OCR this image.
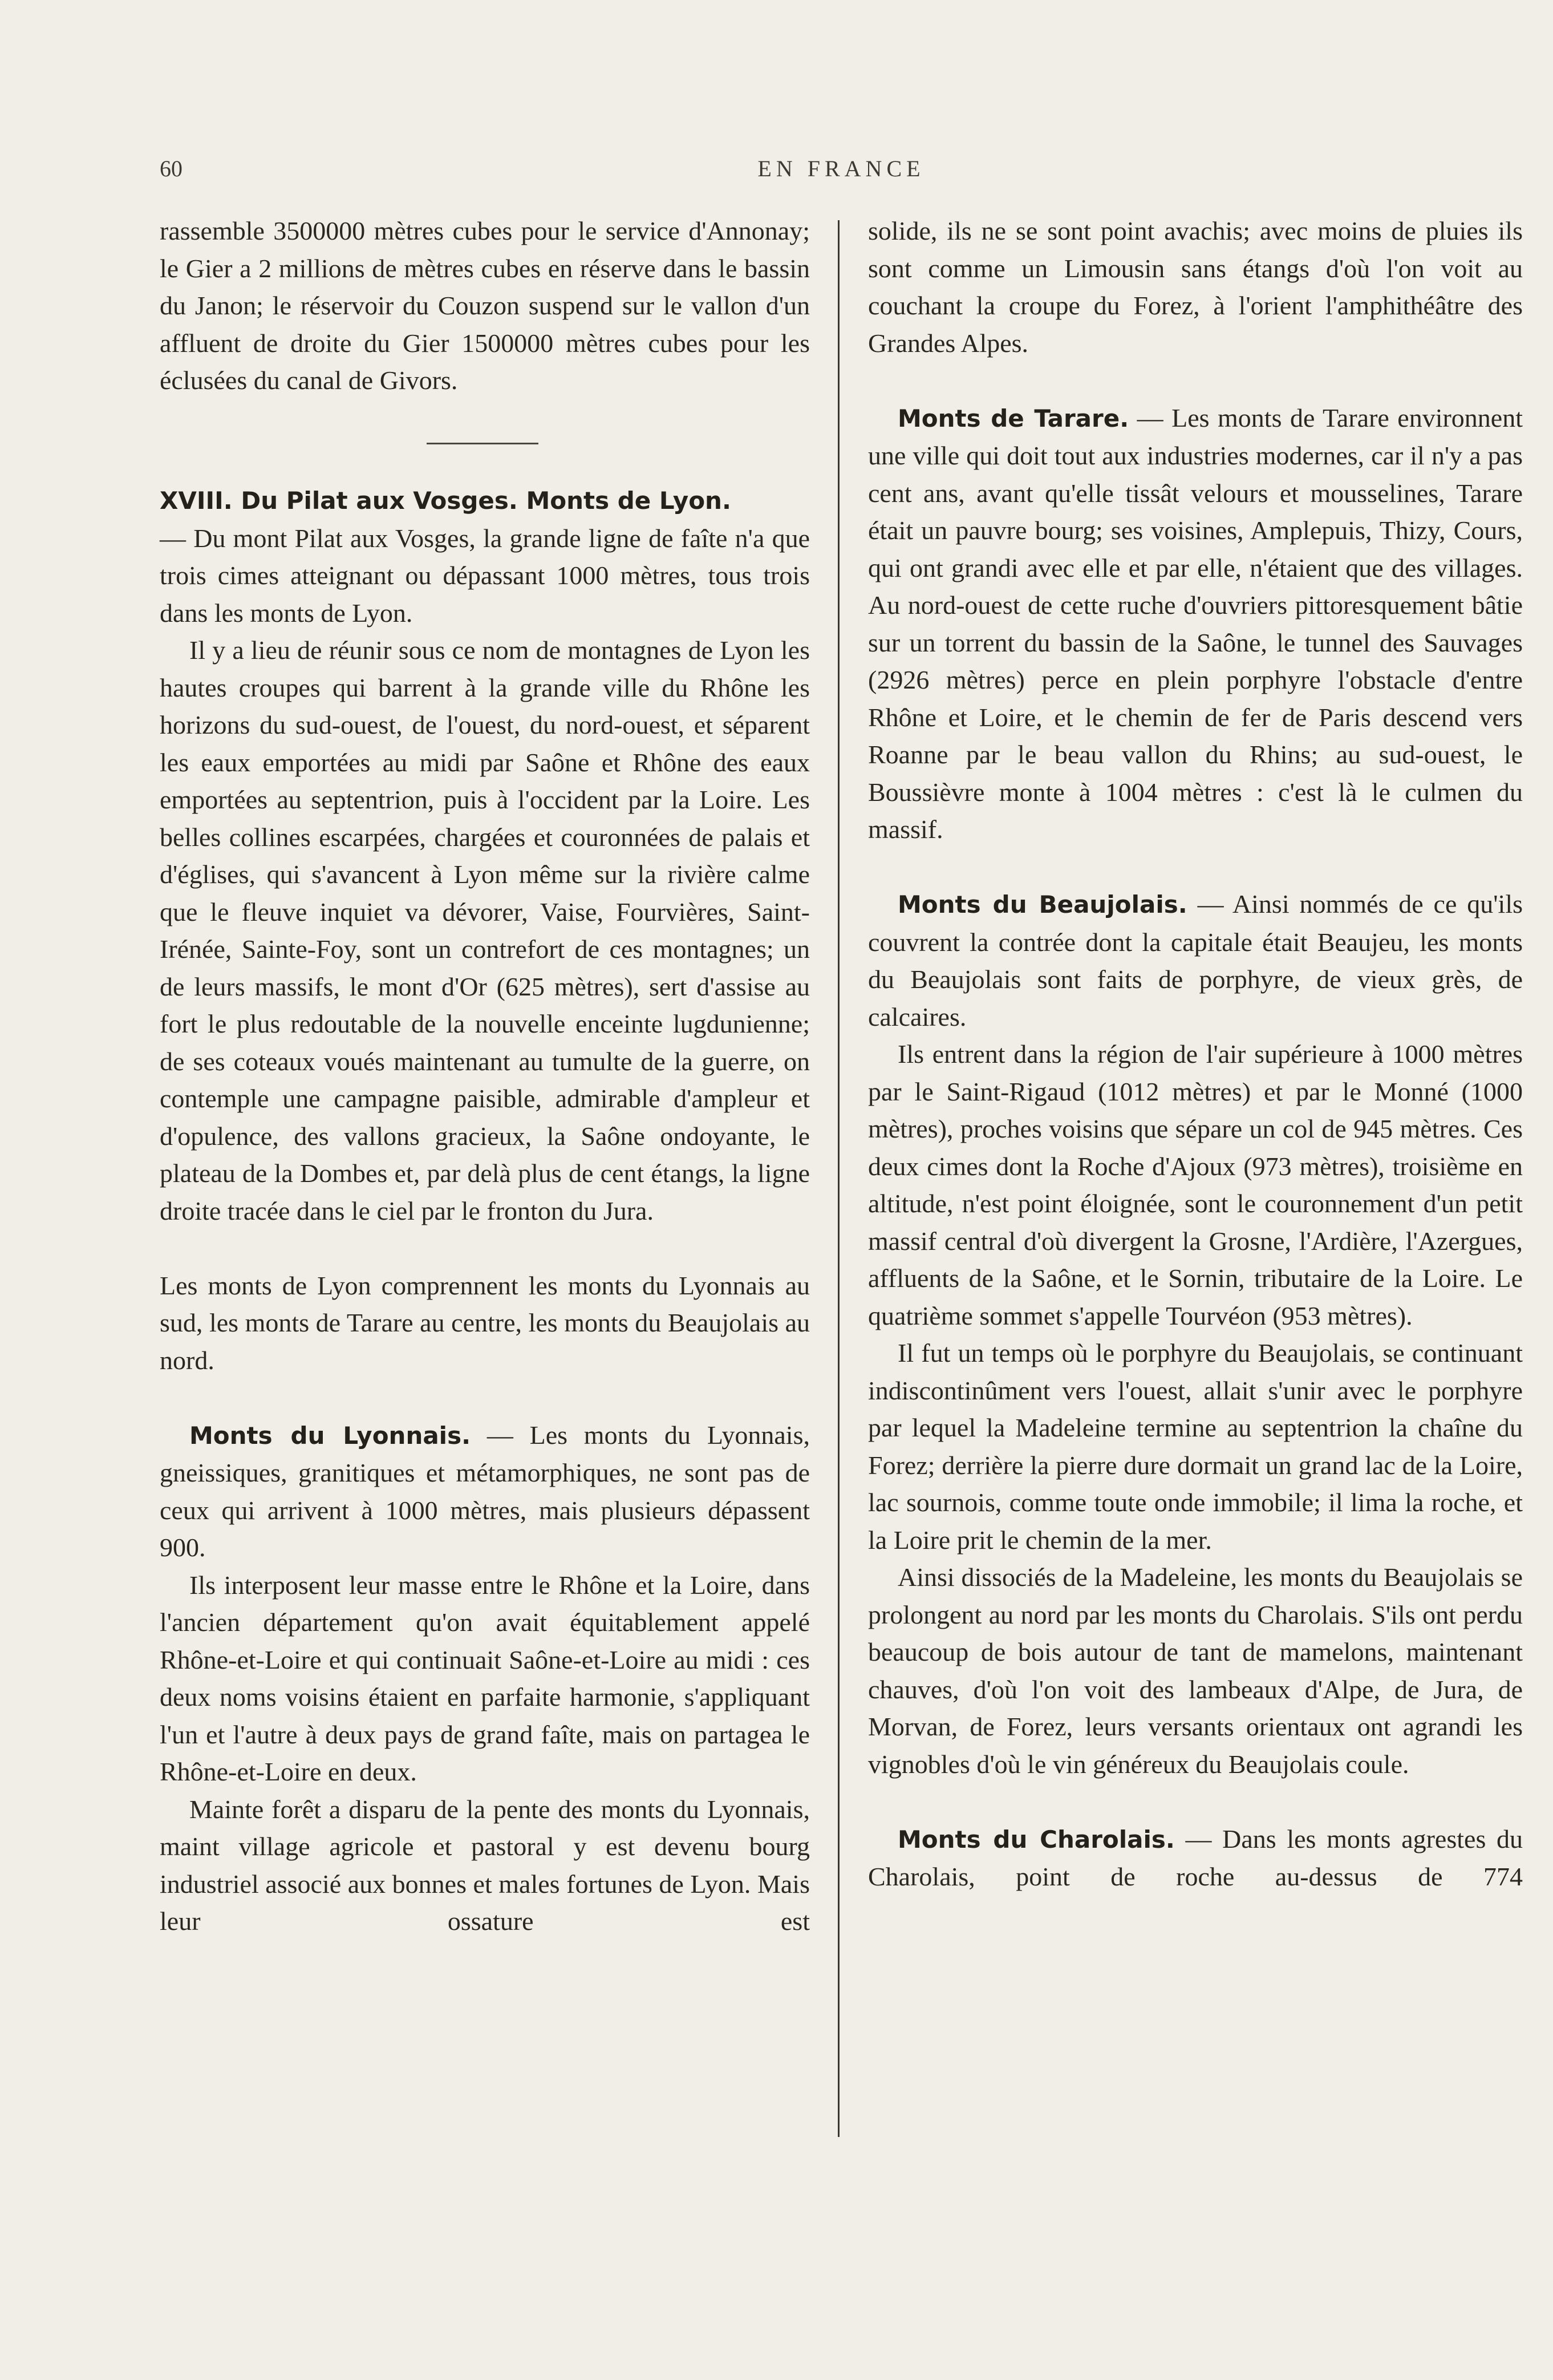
60	EN FRANCE

rassemble 3500000 mètres cubes pour le service d'Annonay; le Gier a 2 millions de mètres cubes en réserve dans le bassin du Janon; le réservoir du Couzon suspend sur le vallon d'un affluent de droite du Gier 1500000 mètres cubes pour les éclusées du canal de Givors.

XVIII. Du Pilat aux Vosges. Monts de Lyon.
— Du mont Pilat aux Vosges, la grande ligne de faîte n'a que trois cimes atteignant ou dépassant 1000 mètres, tous trois dans les monts de Lyon.

Il y a lieu de réunir sous ce nom de montagnes de Lyon les hautes croupes qui barrent à la grande ville du Rhône les horizons du sud-ouest, de l'ouest, du nord-ouest, et séparent les eaux emportées au midi par Saône et Rhône des eaux emportées au septentrion, puis à l'occident par la Loire. Les belles collines escarpées, chargées et couronnées de palais et d'églises, qui s'avancent à Lyon même sur la rivière calme que le fleuve inquiet va dévorer, Vaise, Fourvières, Saint-Irénée, Sainte-Foy, sont un contrefort de ces montagnes; un de leurs massifs, le mont d'Or (625 mètres), sert d'assise au fort le plus redoutable de la nouvelle enceinte lugdunienne; de ses coteaux voués maintenant au tumulte de la guerre, on contemple une campagne paisible, admirable d'ampleur et d'opulence, des vallons gracieux, la Saône ondoyante, le plateau de la Dombes et, par delà plus de cent étangs, la ligne droite tracée dans le ciel par le fronton du Jura.

Les monts de Lyon comprennent les monts du Lyonnais au sud, les monts de Tarare au centre, les monts du Beaujolais au nord.

Monts du Lyonnais. — Les monts du Lyonnais, gneissiques, granitiques et métamorphiques, ne sont pas de ceux qui arrivent à 1000 mètres, mais plusieurs dépassent 900.

Ils interposent leur masse entre le Rhône et la Loire, dans l'ancien département qu'on avait équitablement appelé Rhône-et-Loire et qui continuait Saône-et-Loire au midi : ces deux noms voisins étaient en parfaite harmonie, s'appliquant l'un et l'autre à deux pays de grand faîte, mais on partagea le Rhône-et-Loire en deux.

Mainte forêt a disparu de la pente des monts du Lyonnais, maint village agricole et pastoral y est devenu bourg industriel associé aux bonnes et males fortunes de Lyon. Mais leur ossature est

solide, ils ne se sont point avachis; avec moins de pluies ils sont comme un Limousin sans étangs d'où l'on voit au couchant la croupe du Forez, à l'orient l'amphithéâtre des Grandes Alpes.

Monts de Tarare. — Les monts de Tarare environnent une ville qui doit tout aux industries modernes, car il n'y a pas cent ans, avant qu'elle tissât velours et mousselines, Tarare était un pauvre bourg; ses voisines, Amplepuis, Thizy, Cours, qui ont grandi avec elle et par elle, n'étaient que des villages. Au nord-ouest de cette ruche d'ouvriers pittoresquement bâtie sur un torrent du bassin de la Saône, le tunnel des Sauvages (2926 mètres) perce en plein porphyre l'obstacle d'entre Rhône et Loire, et le chemin de fer de Paris descend vers Roanne par le beau vallon du Rhins; au sud-ouest, le Boussièvre monte à 1004 mètres : c'est là le culmen du massif.

Monts du Beaujolais. — Ainsi nommés de ce qu'ils couvrent la contrée dont la capitale était Beaujeu, les monts du Beaujolais sont faits de porphyre, de vieux grès, de calcaires.

Ils entrent dans la région de l'air supérieure à 1000 mètres par le Saint-Rigaud (1012 mètres) et par le Monné (1000 mètres), proches voisins que sépare un col de 945 mètres. Ces deux cimes dont la Roche d'Ajoux (973 mètres), troisième en altitude, n'est point éloignée, sont le couronnement d'un petit massif central d'où divergent la Grosne, l'Ardière, l'Azergues, affluents de la Saône, et le Sornin, tributaire de la Loire. Le quatrième sommet s'appelle Tourvéon (953 mètres).

Il fut un temps où le porphyre du Beaujolais, se continuant indiscontinûment vers l'ouest, allait s'unir avec le porphyre par lequel la Madeleine termine au septentrion la chaîne du Forez; derrière la pierre dure dormait un grand lac de la Loire, lac sournois, comme toute onde immobile; il lima la roche, et la Loire prit le chemin de la mer.

Ainsi dissociés de la Madeleine, les monts du Beaujolais se prolongent au nord par les monts du Charolais. S'ils ont perdu beaucoup de bois autour de tant de mamelons, maintenant chauves, d'où l'on voit des lambeaux d'Alpe, de Jura, de Morvan, de Forez, leurs versants orientaux ont agrandi les vignobles d'où le vin généreux du Beaujolais coule.

Monts du Charolais. — Dans les monts agrestes du Charolais, point de roche au-dessus de 774
